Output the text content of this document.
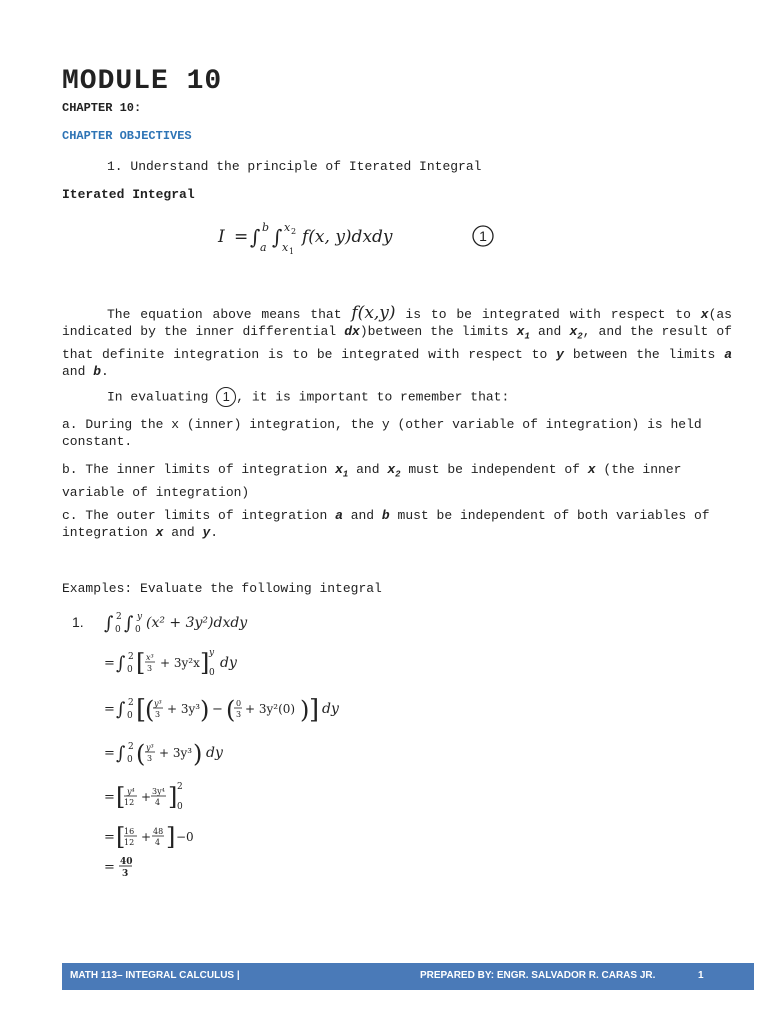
MODULE 10
CHAPTER 10:
CHAPTER OBJECTIVES
1. Understand the principle of Iterated Integral
Iterated Integral
I = ∫ b
a ∫ x 2
x 1
f(x, y)dxdy	1
The equation above means that f(x,y) is to be integrated with respect to x(as indicated by the inner differential dx)between the limits $x_1$ and $x_2$, and the result of that definite integration is to be integrated with respect to y between the limits a and b.
In evaluating 1 , it is important to remember that:
a. During the x (inner) integration, the y (other variable of integration) is held constant.
b. The inner limits of integration $x_1$ and $x_2$ must be independent of x (the inner variable of integration)
c. The outer limits of integration a and b must be independent of both variables of integration x and y.
Examples: Evaluate the following integral
1. ∫ 2
0 ∫ y
0 (x² + 3y²)dxdy
= ∫ 2
0 [ x³
3 + 3y²x ] y
0
dy
= ∫ 2
0 [
( y³
3 + 3y³ ) − ( 0
3 + 3y²(0) ) ] dy
= ∫ 2
0 ( y³
3 + 3y³ ) dy
= [ y⁴
12 + 3y⁴
4 ] 2
0
= [
16
12 + 48
4 ] −0
= 40
3
MATH 113– INTEGRAL CALCULUS |	PREPARED BY: ENGR. SALVADOR R. CARAS JR.	1
